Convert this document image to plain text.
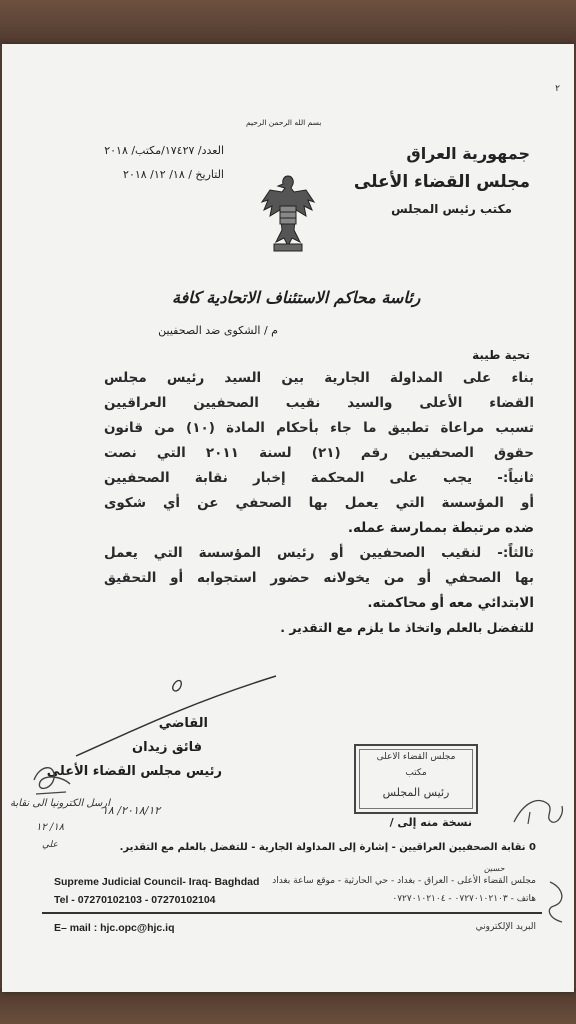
٢
بسم الله الرحمن الرحيم
جمهورية العراق
مجلس القضاء الأعلى
مكتب رئيس المجلس
العدد/ ١٧٤٢٧/مكتب/ ٢٠١٨
التاريخ / ١٨/ ١٢/ ٢٠١٨
رئاسة محاكم الاستئناف الاتحادية كافة
م / الشكوى ضد الصحفيين
تحية طيبة
بناء على المداولة الجارية بين السيد رئيس مجلس
القضاء الأعلى والسيد نقيب الصحفيين العراقيين
تسبب مراعاة تطبيق ما جاء بأحكام المادة (١٠) من قانون
حقوق الصحفيين رقم (٢١) لسنة ٢٠١١ التي نصت
ثانياً:- يجب على المحكمة إخبار نقابة الصحفيين
أو المؤسسة التي يعمل بها الصحفي عن أي شكوى
ضده مرتبطة بممارسة عمله.
ثالثاً:- لنقيب الصحفيين أو رئيس المؤسسة التي يعمل
بها الصحفي أو من يخولانه حضور استجوابه أو التحقيق
الابتدائي معه أو محاكمته.
للتفضل بالعلم واتخاذ ما يلزم مع التقدير .
القاضي
فائق زيدان
رئيس مجلس القضاء الأعلى
مجلس القضاء الاعلى
مكتب
رئيس المجلس
٢٠١٨/١٢/ ١٨
ارسل الكترونيا الى نقابة
١٨/ ١٢
علي
حسين
نسخة منه إلى /
0 نقابة الصحفيين العراقيين - إشارة إلى المداولة الجارية - للتفضل بالعلم مع التقدير.
Supreme Judicial Council- Iraq- Baghdad
Tel - 07270102103 - 07270102104
E– mail : hjc.opc@hjc.iq
مجلس القضاء الأعلى - العراق - بغداد - حي الحارثية - موقع ساعة بغداد
هاتف - ٠٧٢٧٠١٠٢١٠٣ - ٠٧٢٧٠١٠٢١٠٤
البريد الإلكتروني
